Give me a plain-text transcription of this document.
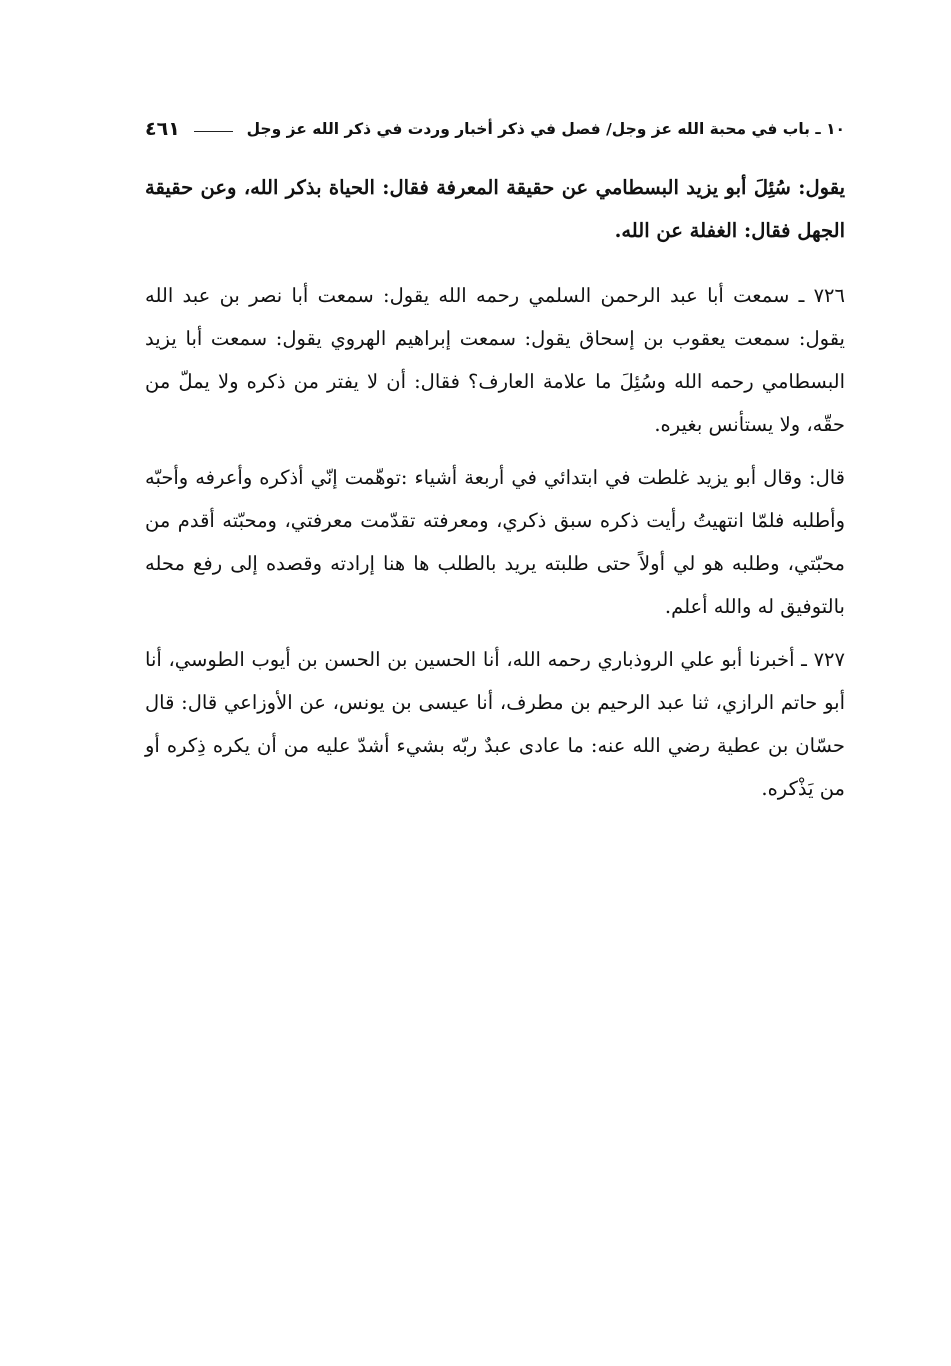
١٠ ـ باب في محبة الله عز وجل/ فصل في ذكر أخبار وردت في ذكر الله عز وجل
٤٦١

يقول: سُئِلَ أبو يزيد البسطامي عن حقيقة المعرفة فقال: الحياة بذكر الله، وعن حقيقة الجهل فقال: الغفلة عن الله.

٧٢٦ ـ سمعت أبا عبد الرحمن السلمي رحمه الله يقول: سمعت أبا نصر بن عبد الله يقول: سمعت يعقوب بن إسحاق يقول: سمعت إبراهيم الهروي يقول: سمعت أبا يزيد البسطامي رحمه الله وسُئِلَ ما علامة العارف؟ فقال: أن لا يفتر من ذكره ولا يملّ من حقّه، ولا يستأنس بغيره.

قال: وقال أبو يزيد غلطت في ابتدائي في أربعة أشياء :توهّمت إنّي أذكره وأعرفه وأحبّه وأطلبه فلمّا انتهيتُ رأيت ذكره سبق ذكري، ومعرفته تقدّمت معرفتي، ومحبّته أقدم من محبّتي، وطلبه هو لي أولاً حتى طلبته يريد بالطلب ها هنا إرادته وقصده إلى رفع محله بالتوفيق له والله أعلم.

٧٢٧ ـ أخبرنا أبو علي الروذباري رحمه الله، أنا الحسين بن الحسن بن أيوب الطوسي، أنا أبو حاتم الرازي، ثنا عبد الرحيم بن مطرف، أنا عيسى بن يونس، عن الأوزاعي قال: قال حسّان بن عطية رضي الله عنه: ما عادى عبدٌ ربّه بشيء أشدّ عليه من أن يكره ذِكره أو من يَذْكره.
